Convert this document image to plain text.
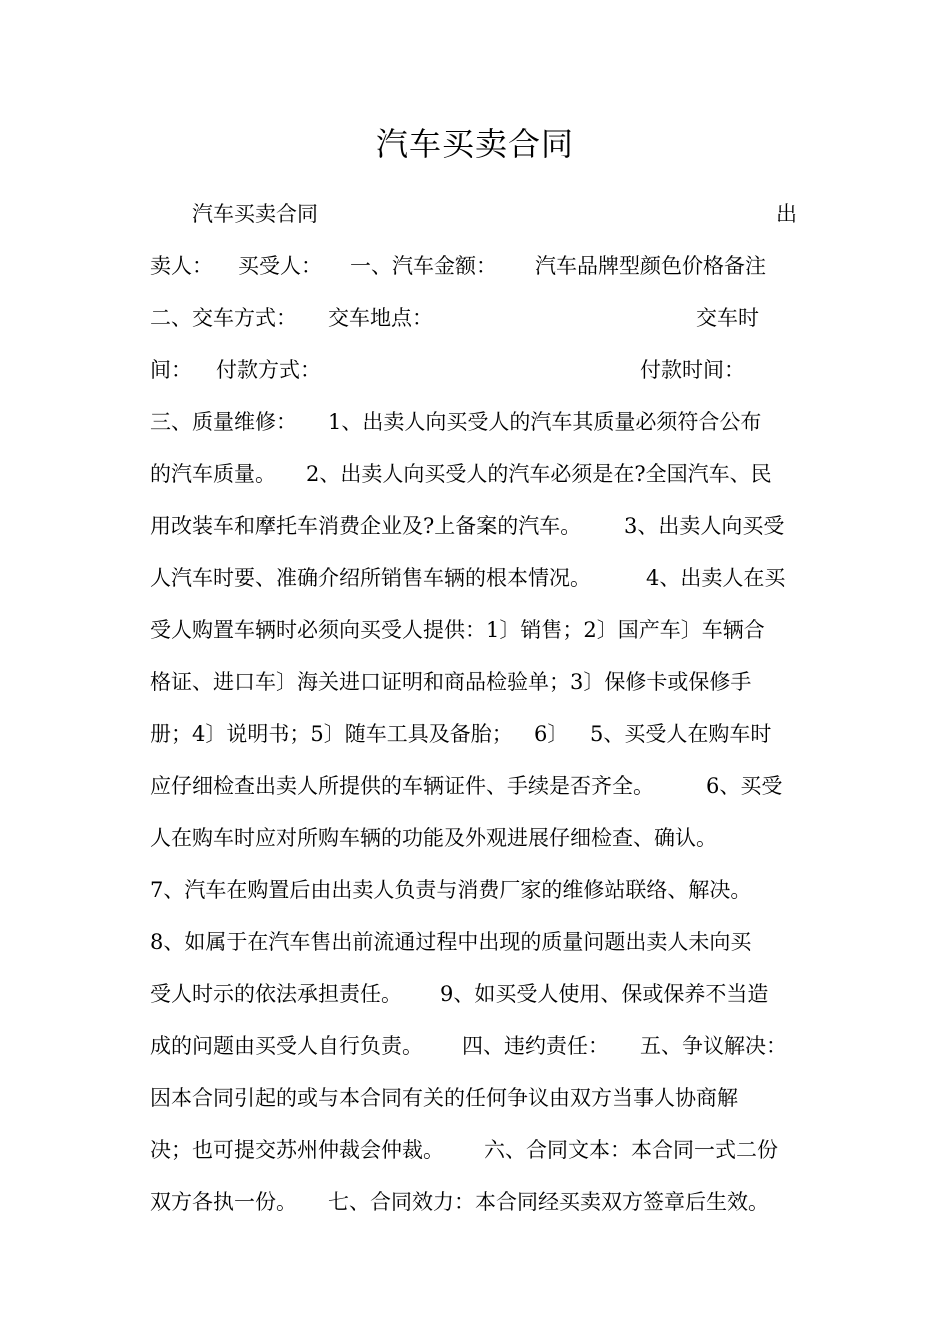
汽车买卖合同

汽车买卖合同

	出

卖人：

买受人：

一、汽车金额：

汽车品牌型颜色价格备注

二、交车方式：

交车地点：

	交车时

间：

付款方式：

	付款时间：

三、质量维修：

1、出卖人向买受人的汽车其质量必须符合公布

的汽车质量。

2、出卖人向买受人的汽车必须是在?全国汽车、民

用改装车和摩托车消费企业及?上备案的汽车。

3、出卖人向买受

人汽车时要、准确介绍所销售车辆的根本情况。

	4、出卖人在买

受人购置车辆时必须向买受人提供：1〕销售；2〕国产车〕车辆合

格证、进口车〕海关进口证明和商品检验单；3〕保修卡或保修手

册；4〕说明书；5〕随车工具及备胎；

6〕

5、买受人在购车时

应仔细检查出卖人所提供的车辆证件、手续是否齐全。

6、买受

人在购车时应对所购车辆的功能及外观进展仔细检查、确认。

7、汽车在购置后由出卖人负责与消费厂家的维修站联络、解决。

8、如属于在汽车售出前流通过程中出现的质量问题出卖人未向买

受人时示的依法承担责任。

9、如买受人使用、保或保养不当造

成的问题由买受人自行负责。

四、违约责任：

五、争议解决：

因本合同引起的或与本合同有关的任何争议由双方当事人协商解

决；也可提交苏州仲裁会仲裁。

六、合同文本：本合同一式二份

双方各执一份。

七、合同效力：本合同经买卖双方签章后生效。
